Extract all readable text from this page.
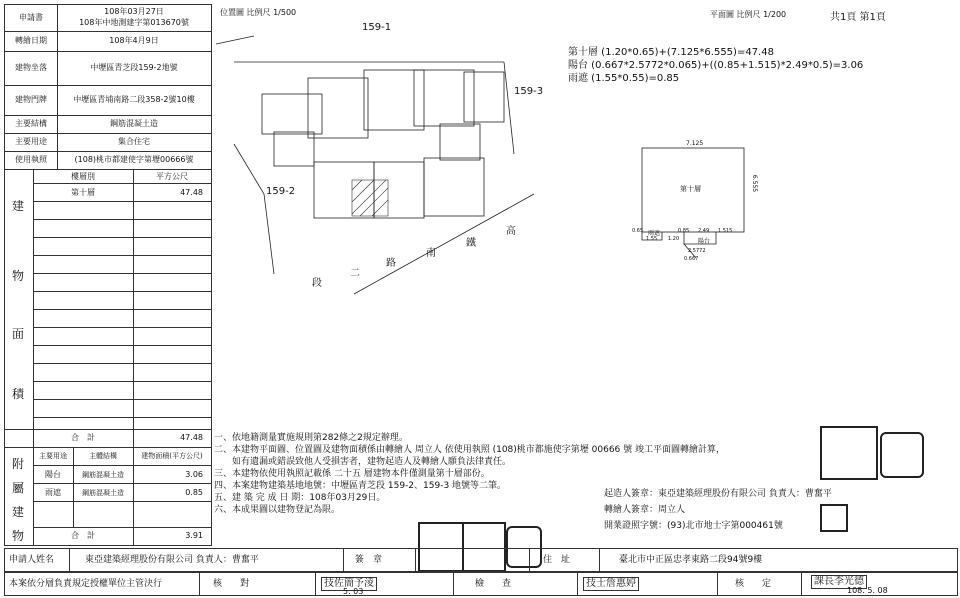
申請書
108年03月27日
108年中地測建字第013670號
轉繪日期	108年4月9日
建物坐落	中壢區青芝段159-2地號
建物門牌	中壢區青埔南路二段358-2號10樓
主要結構	鋼筋混凝土造
主要用途	集合住宅
使用執照	(108)桃市都建使字第壢00666號
建
物
面
積
樓層別	平方公尺
第十層	47.48
合　計	47.48
附
屬
建
物
主要用途	主體結構	建物面積(平方公尺)
陽台	鋼筋混凝土造	3.06
雨遮	鋼筋混凝土造	0.85
合　計	3.91
位置圖 比例尺 1/500
159-1
159-3
159-2
高
鐵
南
路
二
段
平面圖 比例尺 1/200	共1頁 第1頁
第十層 (1.20*0.65)+(7.125*6.555)=47.48
陽台 (0.667*2.5772*0.065)+((0.85+1.515)*2.49*0.5)=3.06
雨遮 (1.55*0.55)=0.85
7.125
6.555
第十層
雨遮
陽台
1.55 1.20
2.49
0.65	1.515
0.85
2.5772
0.667
一、依地籍測量實施規則第282條之2規定辦理。
二、本建物平面圖、位置圖及建物面積係由轉繪人 周立人 依使用執照 (108)桃市都施使字第壢 00666 號 竣工平面圖轉繪計算，
　　如有遺漏或錯誤致他人受損害者，建物起造人及轉繪人願負法律責任。
三、本建物依使用執照記載係 二十五 層建物本件僅測量第十層部份。
四、本案建物建築基地地號：中壢區青芝段 159-2、159-3 地號等二筆。
五、建 築 完 成 日 期：108年03月29日。
六、本成果圖以建物登記為限。
起造人簽章：東亞建築經理股份有限公司 負責人：曹奮平
轉繪人簽章：周立人
開業證照字號：(93)北市地士字第000461號
申請人姓名	東亞建築經理股份有限公司 負責人：曹奮平	簽　章	住　址	臺北市中正區忠孝東路二段94號9樓
本案依分層負責規定授權單位主管決行	核　　對	技佐簡予淩
5. 03
檢　　查	技士詹惠婷	核　　定	課長李光德
108. 5. 08
